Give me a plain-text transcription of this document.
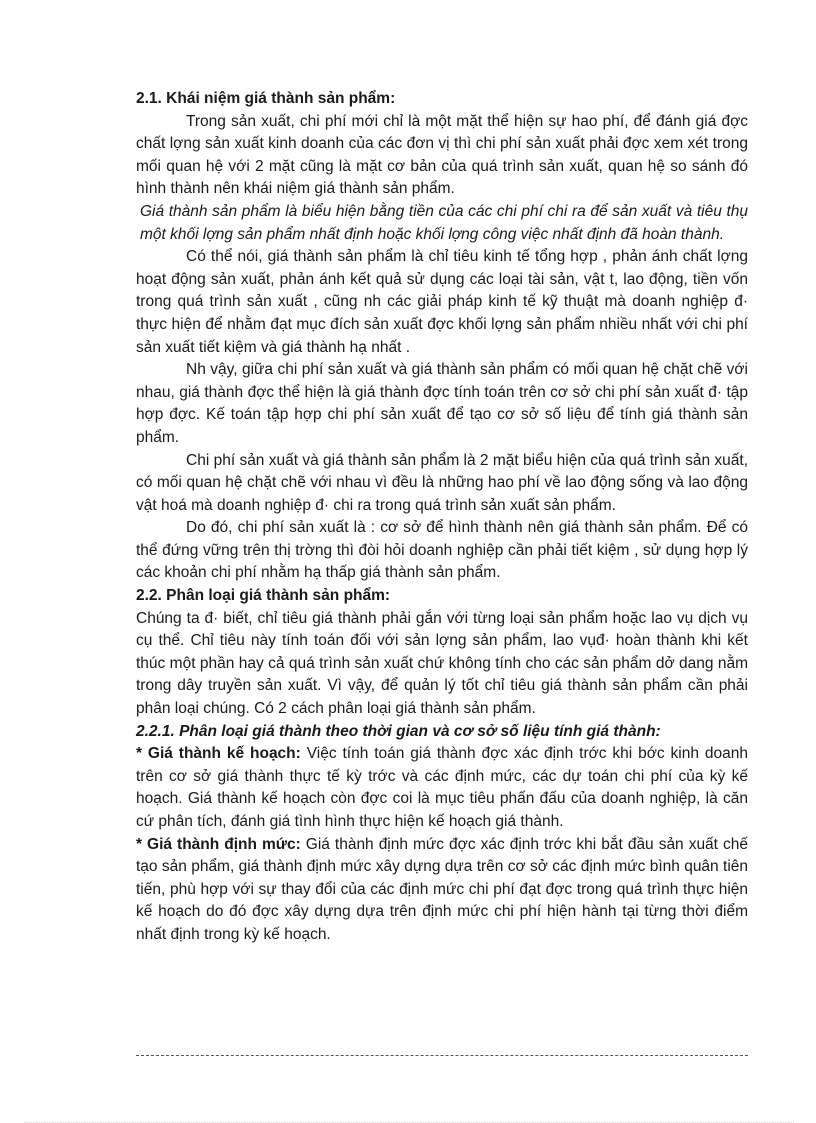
2.1. Khái niệm giá thành sản phẩm:

Trong sản xuất, chi phí mới chỉ là một mặt thể hiện sự hao phí, để đánh giá đợc chất lợng sản xuất kinh doanh của các đơn vị thì chi phí sản xuất phải đợc xem xét trong mối quan hệ với 2 mặt cũng là mặt cơ bản của quá trình sản xuất, quan hệ so sánh đó hình thành nên khái niệm giá thành sản phẩm.

Giá thành sản phẩm là biểu hiện bằng tiền của các chi phí chi ra để sản xuất và tiêu thụ một khối lợng sản phẩm nhất định hoặc khối lợng công việc nhất định đã hoàn thành.

Có thể nói, giá thành sản phẩm là chỉ tiêu kinh tế tổng hợp , phản ánh chất lợng hoạt động sản xuất, phản ánh kết quả sử dụng các loại tài sản, vật t, lao động, tiền vốn trong quá trình sản xuất , cũng nh các giải pháp kinh tế kỹ thuật mà doanh nghiệp đ· thực hiện để nhằm đạt mục đích sản xuất đợc khối lợng sản phẩm nhiều nhất với chi phí sản xuất tiết kiệm và giá thành hạ nhất .

Nh vậy, giữa chi phí sản xuất và giá thành sản phẩm có mối quan hệ chặt chẽ với nhau, giá thành đợc thể hiện là giá thành đợc tính toán trên cơ sở chi phí sản xuất đ· tập hợp đợc. Kế toán tập hợp chi phí sản xuất để tạo cơ sở số liệu để tính giá thành sản phẩm.

Chi phí sản xuất và giá thành sản phẩm là 2 mặt biểu hiện của quá trình sản xuất, có mối quan hệ chặt chẽ với nhau vì đều là những hao phí về lao động sống và lao động vật hoá mà doanh nghiệp đ· chi ra trong quá trình sản xuất sản phẩm.

Do đó, chi phí sản xuất là : cơ sở để hình thành nên giá thành sản phẩm. Để có thể đứng vững trên thị trờng thì đòi hỏi doanh nghiệp cần phải tiết kiệm , sử dụng hợp lý các khoản chi phí nhằm hạ thấp giá thành sản phẩm.

2.2. Phân loại giá thành sản phẩm:

Chúng ta đ· biết, chỉ tiêu giá thành phải gắn với từng loại sản phẩm hoặc lao vụ dịch vụ cụ thể. Chỉ tiêu này tính toán đối với sản lợng sản phẩm, lao vụđ· hoàn thành khi kết thúc một phần hay cả quá trình sản xuất chứ không tính cho các sản phẩm dở dang nằm trong dây truyền sản xuất. Vì vậy, để quản lý tốt chỉ tiêu giá thành sản phẩm cần phải phân loại chúng. Có 2 cách phân loại giá thành sản phẩm.

2.2.1. Phân loại giá thành theo thời gian và cơ sở số liệu tính giá thành:

* Giá thành kế hoạch: Việc tính toán giá thành đợc xác định trớc khi bớc kinh doanh trên cơ sở giá thành thực tế kỳ trớc và các định mức, các dự toán chi phí của kỳ kế hoạch. Giá thành kế hoạch còn đợc coi là mục tiêu phấn đấu của doanh nghiệp, là căn cứ phân tích, đánh giá tình hình thực hiện kế hoạch giá thành.

* Giá thành định mức: Giá thành định mức đợc xác định trớc khi bắt đầu sản xuất chế tạo sản phẩm, giá thành định mức xây dựng dựa trên cơ sở các định mức bình quân tiên tiến, phù hợp với sự thay đổi của các định mức chi phí đạt đợc trong quá trình thực hiện kế hoạch do đó đợc xây dựng dựa trên định mức chi phí hiện hành tại từng thời điểm nhất định trong kỳ kế hoạch.
